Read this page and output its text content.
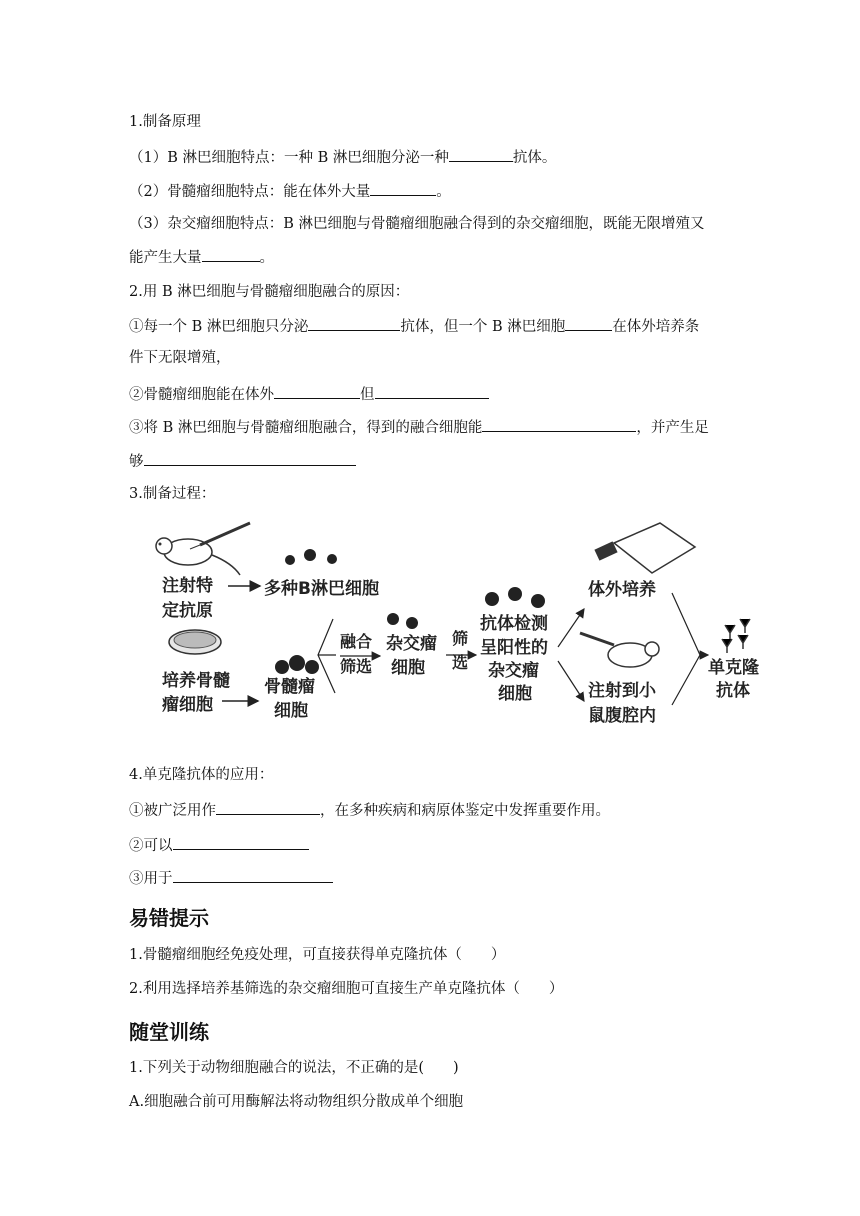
1.制备原理
（1）B 淋巴细胞特点：一种 B 淋巴细胞分泌一种	抗体。
（2）骨髓瘤细胞特点：能在体外大量	。
（3）杂交瘤细胞特点：B 淋巴细胞与骨髓瘤细胞融合得到的杂交瘤细胞，既能无限增殖又
能产生大量	。
2.用 B 淋巴细胞与骨髓瘤细胞融合的原因：
①每一个 B 淋巴细胞只分泌	抗体，但一个 B 淋巴细胞	在体外培养条
件下无限增殖，
②骨髓瘤细胞能在体外	但
③将 B 淋巴细胞与骨髓瘤细胞融合，得到的融合细胞能	，并产生足
够
3.制备过程：
注射特
定抗原
多种B淋巴细胞
培养骨髓
瘤细胞
骨髓瘤
细胞
融合
筛选
杂交瘤
细胞
筛
选
抗体检测
呈阳性的
杂交瘤
细胞
体外培养
注射到小
鼠腹腔内
单克隆
抗体
4.单克隆抗体的应用：
①被广泛用作	，在多种疾病和病原体鉴定中发挥重要作用。
②可以
③用于
易错提示
1.骨髓瘤细胞经免疫处理，可直接获得单克隆抗体（　　）
2.利用选择培养基筛选的杂交瘤细胞可直接生产单克隆抗体（　　）
随堂训练
1.下列关于动物细胞融合的说法，不正确的是(　　)
A.细胞融合前可用酶解法将动物组织分散成单个细胞
